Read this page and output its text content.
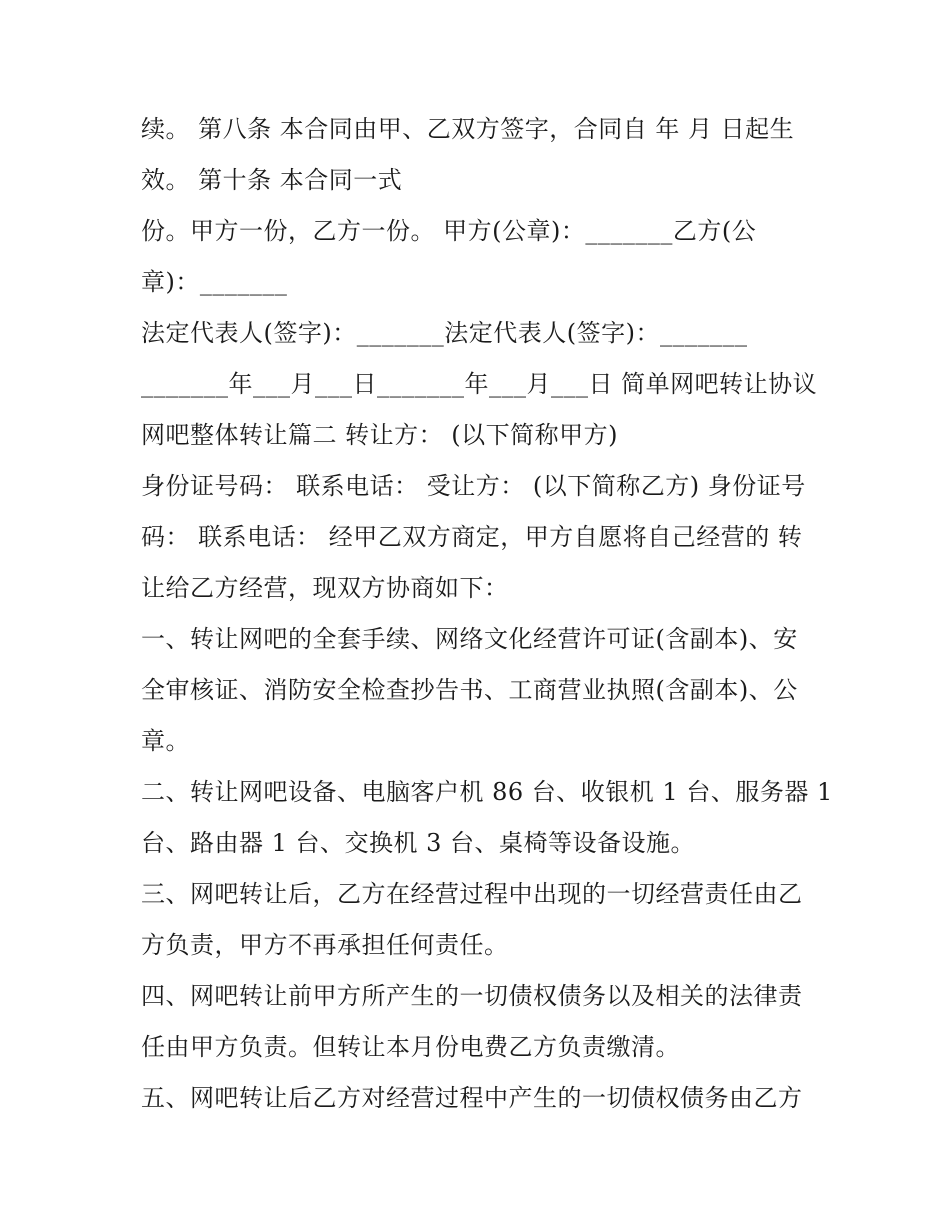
续。 第八条 本合同由甲、乙双方签字，合同自 年 月 日起生
效。 第十条 本合同一式
份。甲方一份，乙方一份。 甲方(公章)：_______乙方(公
章)：_______
法定代表人(签字)：_______法定代表人(签字)：_______
_______年___月___日_______年___月___日 简单网吧转让协议
网吧整体转让篇二 转让方： (以下简称甲方)
身份证号码： 联系电话： 受让方： (以下简称乙方) 身份证号
码： 联系电话： 经甲乙双方商定，甲方自愿将自己经营的 转
让给乙方经营，现双方协商如下：
一、转让网吧的全套手续、网络文化经营许可证(含副本)、安
全审核证、消防安全检查抄告书、工商营业执照(含副本)、公
章。
二、转让网吧设备、电脑客户机 86 台、收银机 1 台、服务器 1
台、路由器 1 台、交换机 3 台、桌椅等设备设施。
三、网吧转让后，乙方在经营过程中出现的一切经营责任由乙
方负责，甲方不再承担任何责任。
四、网吧转让前甲方所产生的一切债权债务以及相关的法律责
任由甲方负责。但转让本月份电费乙方负责缴清。
五、网吧转让后乙方对经营过程中产生的一切债权债务由乙方
